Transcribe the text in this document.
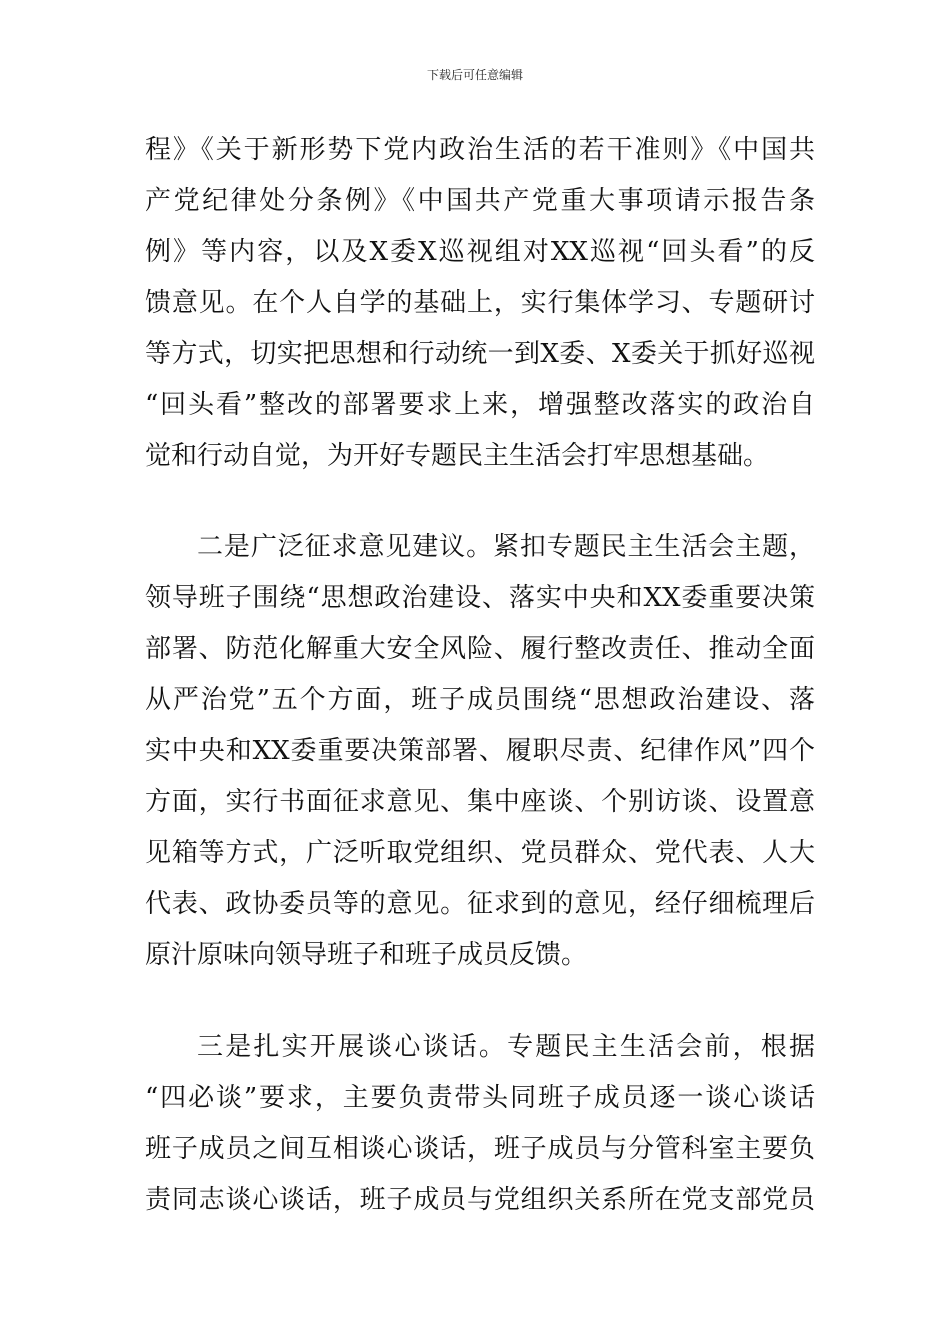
下载后可任意编辑
程》《关于新形势下党内政治生活的若干准则》《中国共
产党纪律处分条例》《中国共产党重大事项请示报告条
例》等内容，以及X委X巡视组对XX巡视“回头看”的反
馈意见。在个人自学的基础上，实行集体学习、专题研讨
等方式，切实把思想和行动统一到X委、X委关于抓好巡视
“回头看”整改的部署要求上来，增强整改落实的政治自
觉和行动自觉，为开好专题民主生活会打牢思想基础。
二是广泛征求意见建议。紧扣专题民主生活会主题，
领导班子围绕“思想政治建设、落实中央和XX委重要决策
部署、防范化解重大安全风险、履行整改责任、推动全面
从严治党”五个方面，班子成员围绕“思想政治建设、落
实中央和XX委重要决策部署、履职尽责、纪律作风”四个
方面，实行书面征求意见、集中座谈、个别访谈、设置意
见箱等方式，广泛听取党组织、党员群众、党代表、人大
代表、政协委员等的意见。征求到的意见，经仔细梳理后
原汁原味向领导班子和班子成员反馈。
三是扎实开展谈心谈话。专题民主生活会前，根据
“四必谈”要求，主要负责带头同班子成员逐一谈心谈话
班子成员之间互相谈心谈话，班子成员与分管科室主要负
责同志谈心谈话，班子成员与党组织关系所在党支部党员
